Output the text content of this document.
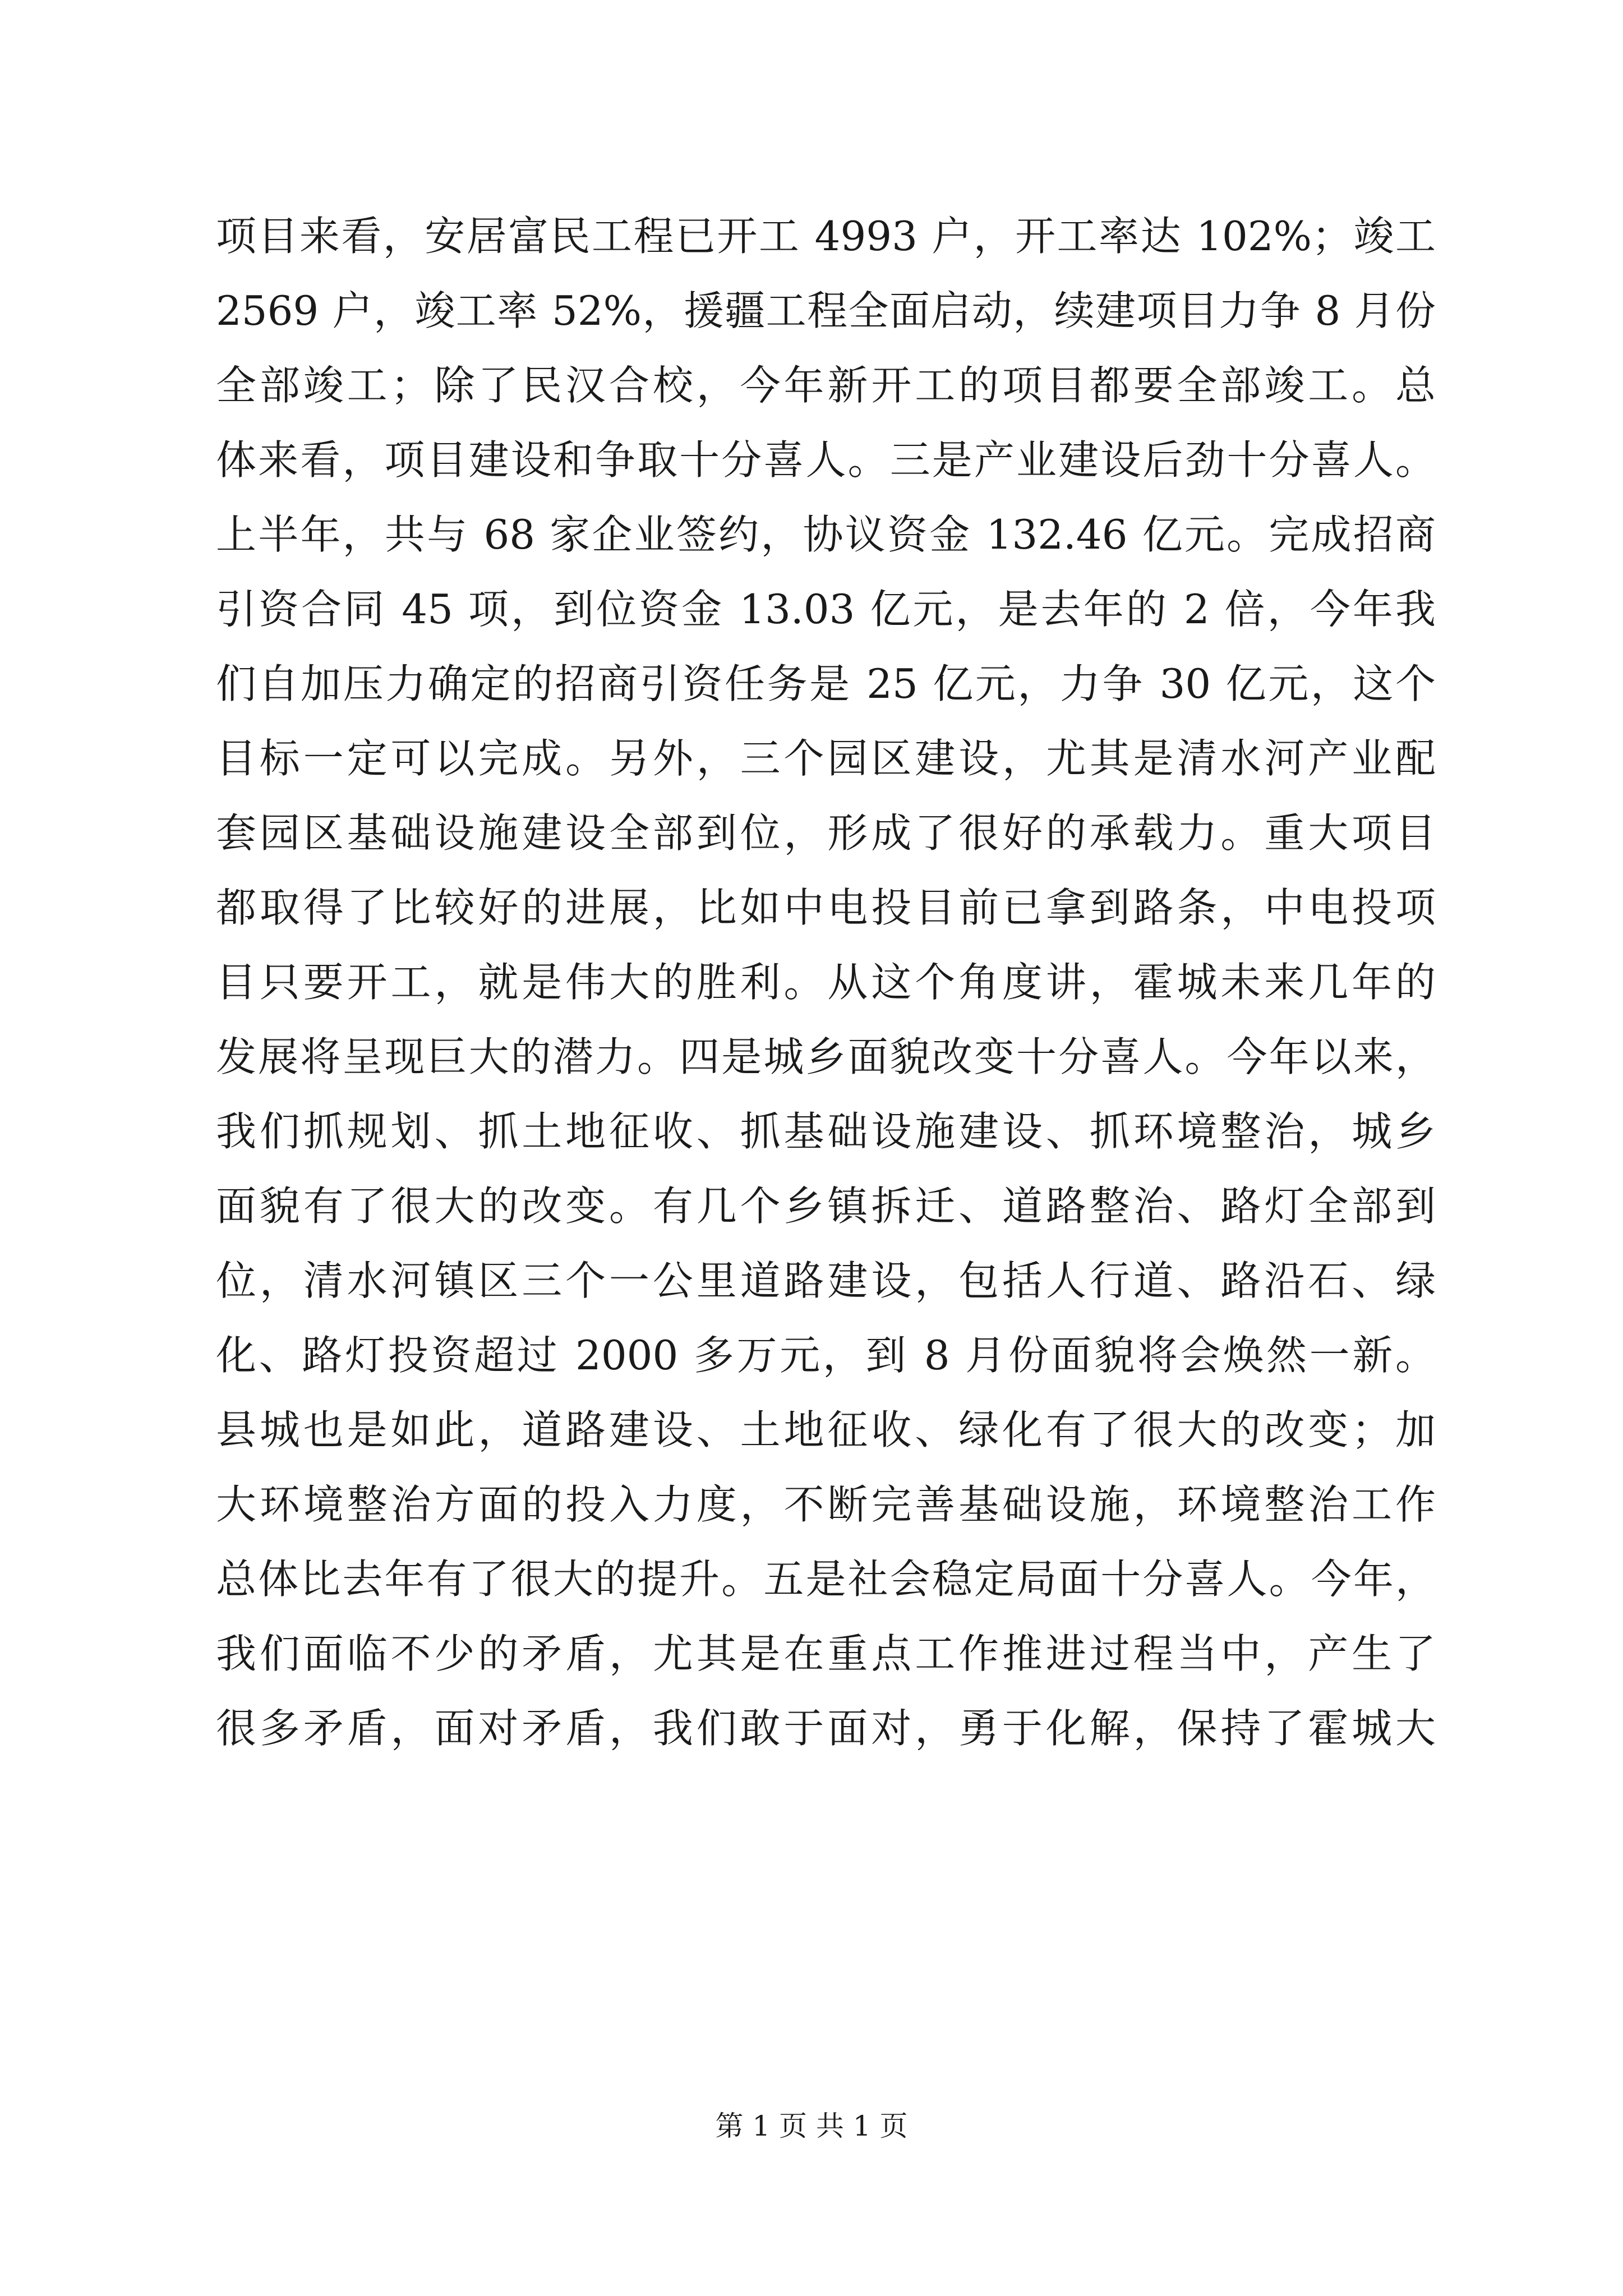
项目来看，安居富民工程已开工 4993 户，开工率达 102%；竣工
2569 户，竣工率 52%，援疆工程全面启动，续建项目力争 8 月份
全部竣工；除了民汉合校，今年新开工的项目都要全部竣工。总
体来看，项目建设和争取十分喜人。三是产业建设后劲十分喜人。
上半年，共与 68 家企业签约，协议资金 132.46 亿元。完成招商
引资合同 45 项，到位资金 13.03 亿元，是去年的 2 倍，今年我
们自加压力确定的招商引资任务是 25 亿元，力争 30 亿元，这个
目标一定可以完成。另外，三个园区建设，尤其是清水河产业配
套园区基础设施建设全部到位，形成了很好的承载力。重大项目
都取得了比较好的进展，比如中电投目前已拿到路条，中电投项
目只要开工，就是伟大的胜利。从这个角度讲，霍城未来几年的
发展将呈现巨大的潜力。四是城乡面貌改变十分喜人。今年以来，
我们抓规划、抓土地征收、抓基础设施建设、抓环境整治，城乡
面貌有了很大的改变。有几个乡镇拆迁、道路整治、路灯全部到
位，清水河镇区三个一公里道路建设，包括人行道、路沿石、绿
化、路灯投资超过 2000 多万元，到 8 月份面貌将会焕然一新。
县城也是如此，道路建设、土地征收、绿化有了很大的改变；加
大环境整治方面的投入力度，不断完善基础设施，环境整治工作
总体比去年有了很大的提升。五是社会稳定局面十分喜人。今年，
我们面临不少的矛盾，尤其是在重点工作推进过程当中，产生了
很多矛盾，面对矛盾，我们敢于面对，勇于化解，保持了霍城大
第 1 页 共 1 页
